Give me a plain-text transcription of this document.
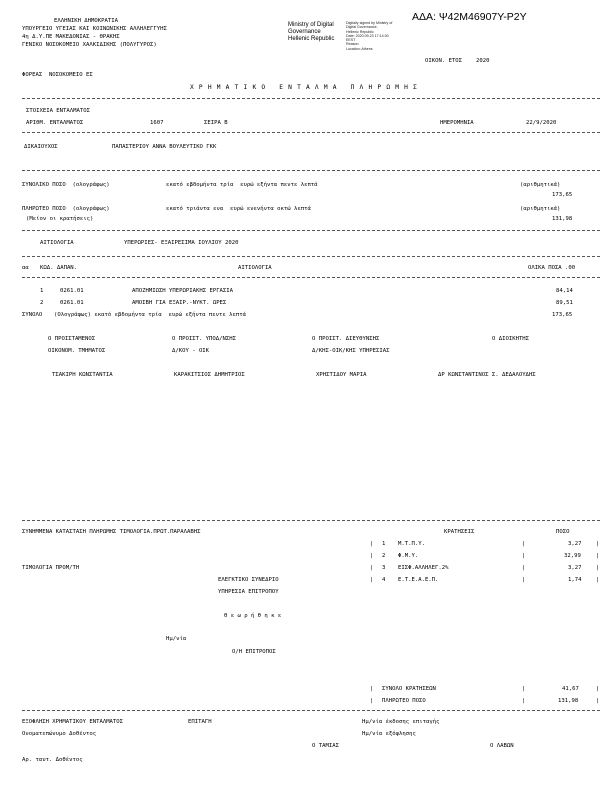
ΑΔΑ: Ψ42Μ46907Υ-Ρ2Υ
ΕΛΛΗΝΙΚΗ ΔΗΜΟΚΡΑΤΙΑ
ΥΠΟΥΡΓΕΙΟ ΥΓΕΙΑΣ ΚΑΙ ΚΟΙΝΩΝΙΚΗΣ ΑΛΛΗΛΕΓΓΥΗΣ
4η Δ.Υ.ΠΕ ΜΑΚΕΔΟΝΙΑΣ - ΘΡΑΚΗΣ
ΓΕΝΙΚΟ ΝΟΣΟΚΟΜΕΙΟ ΧΑΛΚΙΔΙΚΗΣ (ΠΟΛΥΓΥΡΟΣ)
Ministry of Digital
Governance
Hellenic Republic
Digitally signed by Ministry of
Digital Governance,
Hellenic Republic
Date: 2020.09.23 17:14:30
EEST
Reason:
Location: Athens
ΟΙΚΟΝ. ΕΤΟΣ 2020
ΦΟΡΕΑΣ  ΝΟΣΟΚΟΜΕΙΟ ΕΣ
ΧΡΗΜΑΤΙΚΟ ΕΝΤΑΛΜΑ ΠΛΗΡΩΜΗΣ
ΣΤΟΙΧΕΙΑ ΕΝΤΑΛΜΑΤΟΣ
ΑΡΙΘΜ. ΕΝΤΑΛΜΑΤΟΣ	1607	ΣΕΙΡΑ Β	ΗΜΕΡΟΜΗΝΙΑ	22/9/2020
ΔΙΚΑΙΟΥΧΟΣ	ΠΑΠΑΣΤΕΡΙΟΥ ΑΝΝΑ ΒΟΥΛΕΥΤΙΚΟ ΓΚΚ
ΣΥΝΟΛΙΚΟ ΠΟΣΟ  (ολογράφως)	εκατό εβδομήντα τρία  ευρώ εξήντα πεντε λεπτά	(αριθμητικά)
173,65
ΠΛΗΡΩΤΕΟ ΠΟΣΟ  (ολογράφως)	εκατό τριάντα ενα  ευρώ ενενήντα οκτώ λεπτά	(αριθμητικά)
(Μείον οι κρατήσεις)	131,98
ΑΙΤΙΟΛΟΓΙΑ	ΥΠΕΡΩΡΙΕΣ- ΕΞΑΙΡΕΣΙΜΑ ΙΟΥΛΙΟΥ 2020
αα ΚΩΔ. ΔΑΠΑΝ.	ΑΙΤΙΟΛΟΓΙΑ	ΟΛΙΚΑ ΠΟΣΑ .00
1	0261.01	ΑΠΟΖΗΜΙΩΣΗ ΥΠΕΡΩΡΙΑΚΗΣ ΕΡΓΑΣΙΑ	84,14
2	0261.01	ΑΜΟΙΒΗ ΓΙΑ ΕΞΑΙΡ.-ΝΥΚΤ. ΩΡΕΣ	89,51
ΣΥΝΟΛΟ (Ολογράφως) εκατό εβδομήντα τρία  ευρώ εξήντα πεντε λεπτά	173,65
Ο ΠΡΟΙΣΤΑΜΕΝΟΣ	Ο ΠΡΟΙΣΤ. ΥΠΟΔ/ΝΣΗΣ	Ο ΠΡΟΙΣΤ. ΔΙΕΥΘΥΝΣΗΣ	Ο ΔΙΟΙΚΗΤΗΣ
ΟΙΚΟΝΟΜ. ΤΜΗΜΑΤΟΣ	Δ/ΚΟΥ - ΟΙΚ	Δ/ΚΗΣ-ΟΙΚ/ΚΗΣ ΥΠΗΡΕΣΙΑΣ
ΤΣΑΚΙΡΗ ΚΩΝΣΤΑΝΤΙΑ	ΚΑΡΑΚΙΤΣΙΟΣ ΔΗΜΗΤΡΙΟΣ	ΧΡΗΣΤΙΔΟΥ ΜΑΡΙΑ	ΔΡ ΚΩΝΣΤΑΝΤΙΝΟΣ Σ. ΔΕΔΑΛΟΥΔΗΣ
ΣΥΝΗΜΜΕΝΑ ΚΑΤΑΣΤΑΣΗ ΠΛΗΡΩΜΗΣ ΤΙΜΟΛΟΓΙΑ.ΠΡΩΤ.ΠΑΡΑΛΑΒΗΣ	ΚΡΑΤΗΣΕΙΣ	ΠΟΣΟ
ΤΙΜΟΛΟΓΙΑ ΠΡΟΜ/ΤΗ
| 1 Μ.Τ.Π.Υ.	|	3,27	|
| 2 Φ.Μ.Υ.	|	32,99	|
| 3 ΕΙΣΦ.ΑΛΛΗΛΕΓ.2%	|	3,27	|
| 4 Ε.Τ.Ε.Α.Ε.Π.	|	1,74	|
ΕΛΕΓΚΤΙΚΟ ΣΥΝΕΔΡΙΟ
ΥΠΗΡΕΣΙΑ ΕΠΙΤΡΟΠΟΥ
Θ ε ω ρ ή θ η κ ε
Ημ/νία
Ο/Η ΕΠΙΤΡΟΠΟΣ
| ΣΥΝΟΛΟ ΚΡΑΤΗΣΕΩΝ	|	41,67	|
| ΠΛΗΡΩΤΕΟ ΠΟΣΟ	|	131,98	|
ΕΞΟΦΛΗΣΗ ΧΡΗΜΑΤΙΚΟΥ ΕΝΤΑΛΜΑΤΟΣ	ΕΠΙΤΑΓΗ	Ημ/νία έκδοσης επιταγής
Ονοματεπώνυμο Δοθέντος	Ημ/νία εξόφλησης
Ο ΤΑΜΙΑΣ	Ο ΛΑΒΩΝ
Αρ. ταυτ. Δοθέντος
